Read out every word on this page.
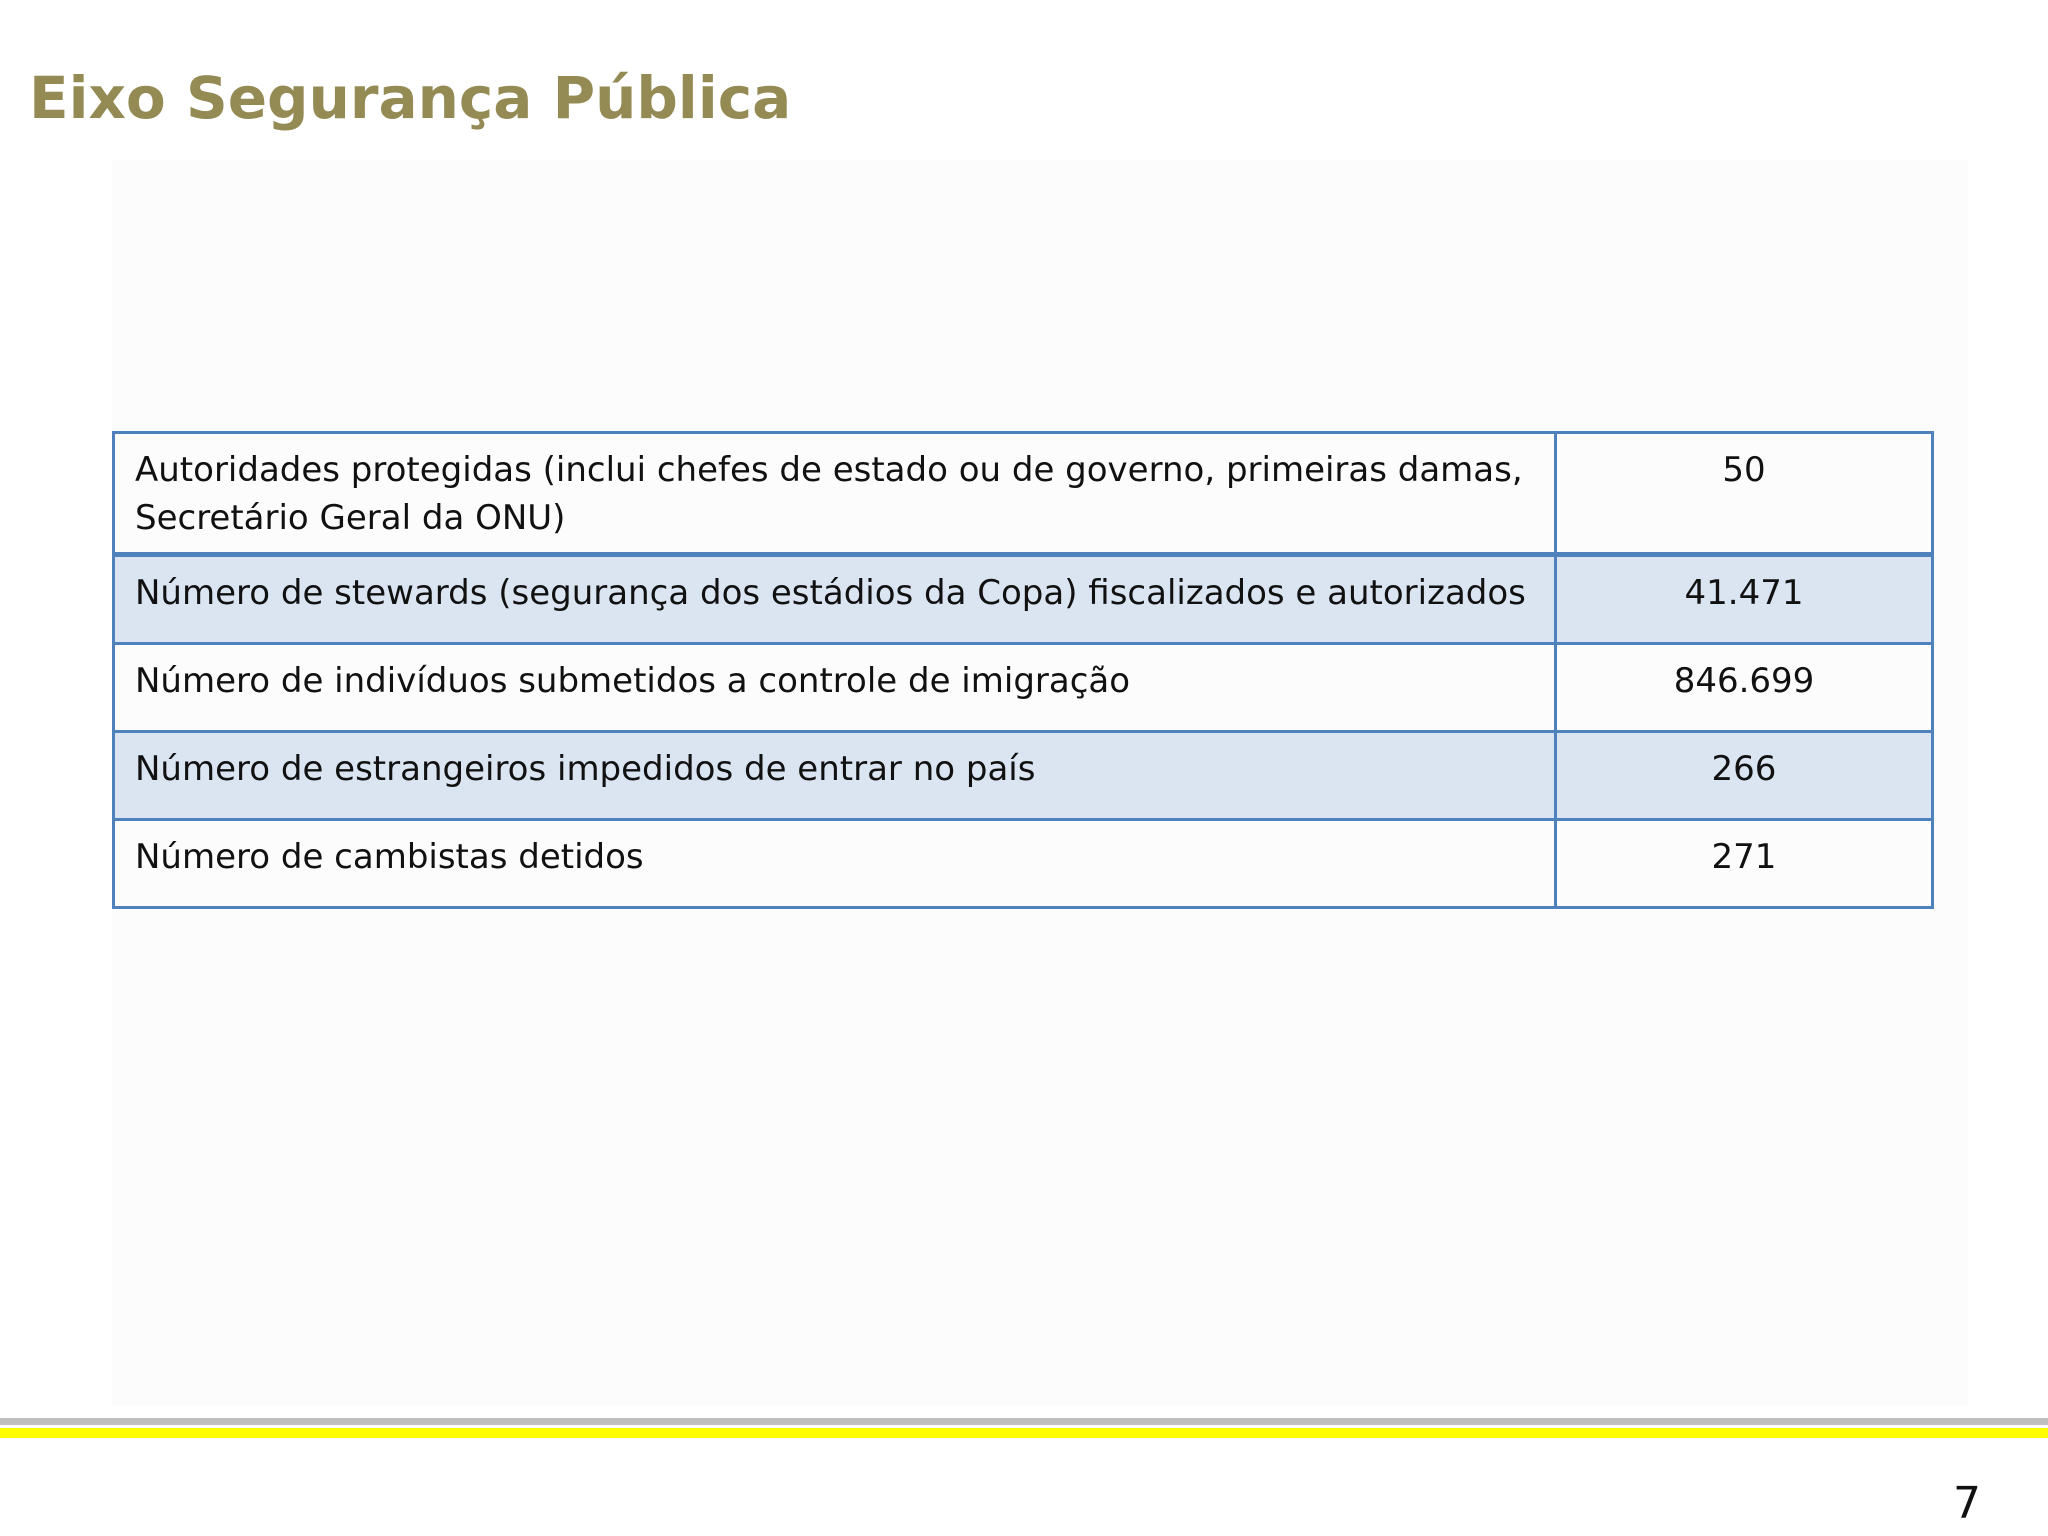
Eixo Segurança Pública
Autoridades protegidas (inclui chefes de estado ou de governo, primeiras damas, Secretário Geral da ONU)	50
Número de stewards (segurança dos estádios da Copa) fiscalizados e autorizados	41.471
Número de indivíduos submetidos a controle de imigração	846.699
Número de estrangeiros impedidos de entrar no país	266
Número de cambistas detidos	271
7
